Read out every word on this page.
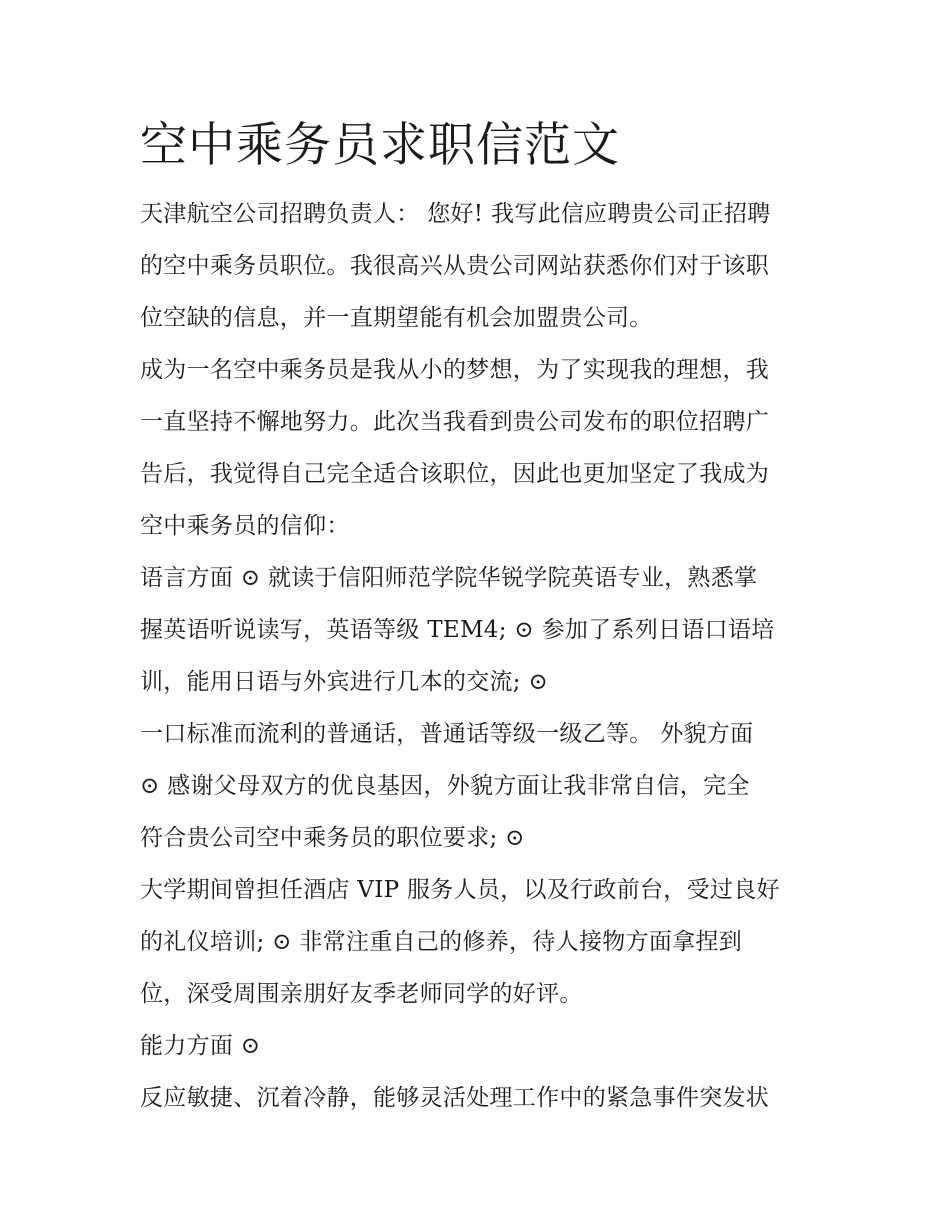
空中乘务员求职信范文

天津航空公司招聘负责人： 您好! 我写此信应聘贵公司正招聘
的空中乘务员职位。我很高兴从贵公司网站获悉你们对于该职
位空缺的信息，并一直期望能有机会加盟贵公司。

成为一名空中乘务员是我从小的梦想，为了实现我的理想，我
一直坚持不懈地努力。此次当我看到贵公司发布的职位招聘广
告后，我觉得自己完全适合该职位，因此也更加坚定了我成为
空中乘务员的信仰：

语言方面 ⊙ 就读于信阳师范学院华锐学院英语专业，熟悉掌
握英语听说读写，英语等级 TEM4; ⊙ 参加了系列日语口语培
训，能用日语与外宾进行几本的交流; ⊙

一口标准而流利的普通话，普通话等级一级乙等。 外貌方面
⊙ 感谢父母双方的优良基因，外貌方面让我非常自信，完全
符合贵公司空中乘务员的职位要求; ⊙

大学期间曾担任酒店 VIP 服务人员，以及行政前台，受过良好
的礼仪培训; ⊙ 非常注重自己的修养，待人接物方面拿捏到
位，深受周围亲朋好友季老师同学的好评。

能力方面 ⊙

反应敏捷、沉着冷静，能够灵活处理工作中的紧急事件突发状
